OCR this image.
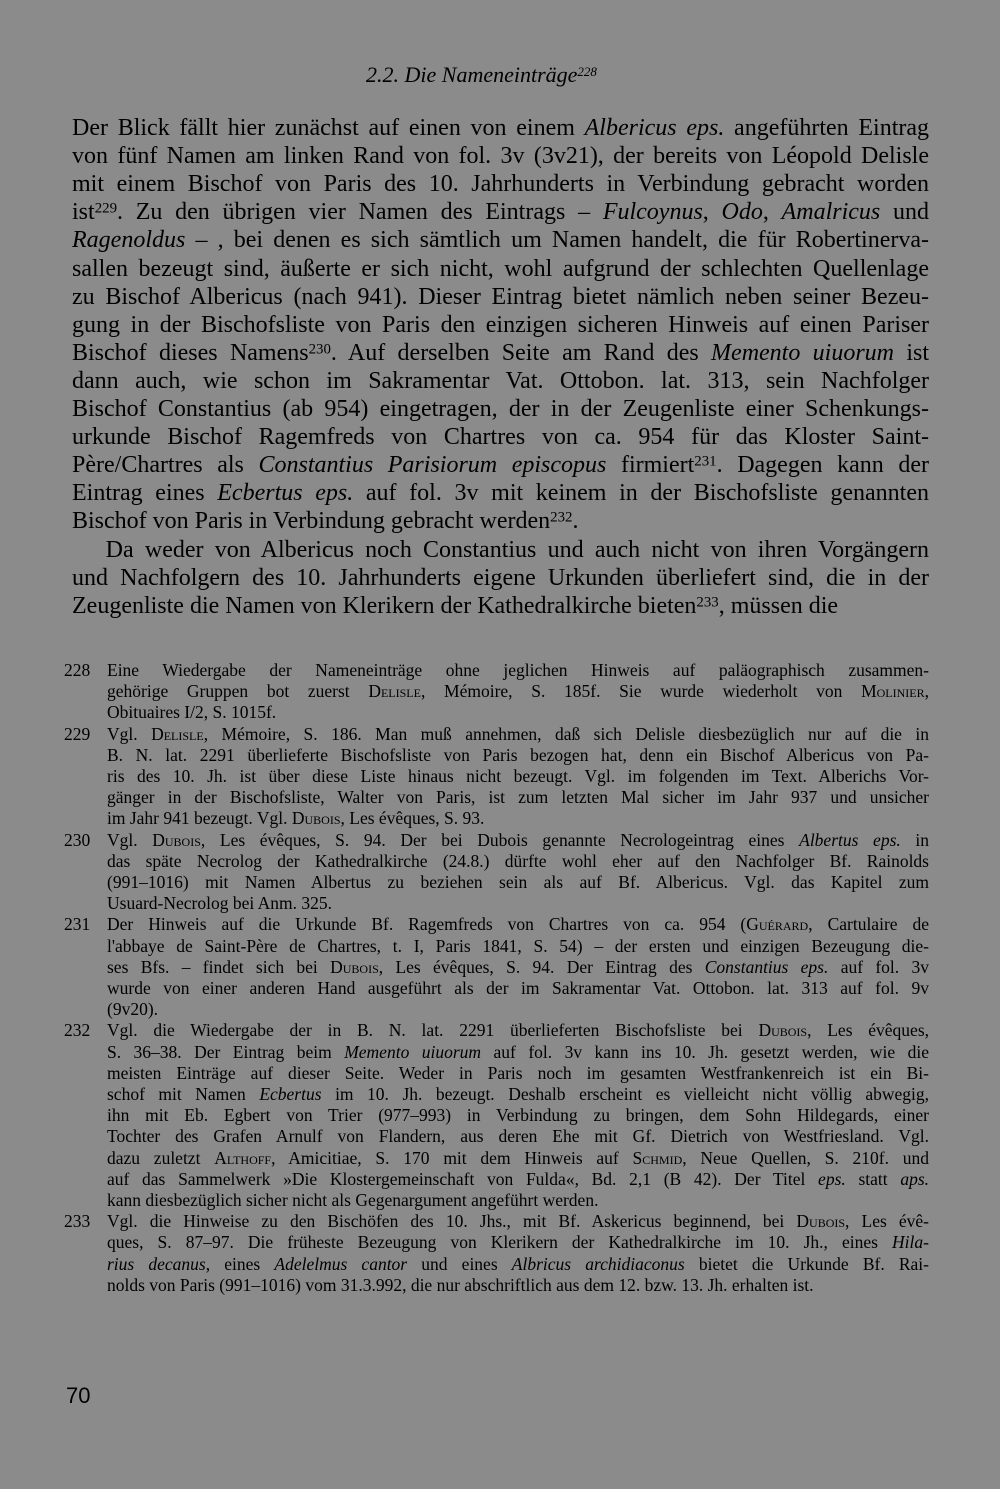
2.2. Die Nameneinträge$^{228}$
Der Blick fällt hier zunächst auf einen von einem Albericus eps. angeführten Eintrag
von fünf Namen am linken Rand von fol. 3v (3v21), der bereits von Léopold Delisle
mit einem Bischof von Paris des 10. Jahrhunderts in Verbindung gebracht worden
ist$^{229}$. Zu den übrigen vier Namen des Eintrags – Fulcoynus, Odo, Amalricus und
Ragenoldus – , bei denen es sich sämtlich um Namen handelt, die für Robertinerva-
sallen bezeugt sind, äußerte er sich nicht, wohl aufgrund der schlechten Quellenlage
zu Bischof Albericus (nach 941). Dieser Eintrag bietet nämlich neben seiner Bezeu-
gung in der Bischofsliste von Paris den einzigen sicheren Hinweis auf einen Pariser
Bischof dieses Namens$^{230}$. Auf derselben Seite am Rand des Memento uiuorum ist
dann auch, wie schon im Sakramentar Vat. Ottobon. lat. 313, sein Nachfolger
Bischof Constantius (ab 954) eingetragen, der in der Zeugenliste einer Schenkungs-
urkunde Bischof Ragemfreds von Chartres von ca. 954 für das Kloster Saint-
Père/Chartres als Constantius Parisiorum episcopus firmiert$^{231}$. Dagegen kann der
Eintrag eines Ecbertus eps. auf fol. 3v mit keinem in der Bischofsliste genannten
Bischof von Paris in Verbindung gebracht werden$^{232}$.
Da weder von Albericus noch Constantius und auch nicht von ihren Vorgängern
und Nachfolgern des 10. Jahrhunderts eigene Urkunden überliefert sind, die in der
Zeugenliste die Namen von Klerikern der Kathedralkirche bieten$^{233}$, müssen die
228 Eine Wiedergabe der Nameneinträge ohne jeglichen Hinweis auf paläographisch zusammen-
gehörige Gruppen bot zuerst Delisle, Mémoire, S. 185f. Sie wurde wiederholt von Molinier,
Obituaires I/2, S. 1015f.
229 Vgl. Delisle, Mémoire, S. 186. Man muß annehmen, daß sich Delisle diesbezüglich nur auf die in
B. N. lat. 2291 überlieferte Bischofsliste von Paris bezogen hat, denn ein Bischof Albericus von Pa-
ris des 10. Jh. ist über diese Liste hinaus nicht bezeugt. Vgl. im folgenden im Text. Alberichs Vor-
gänger in der Bischofsliste, Walter von Paris, ist zum letzten Mal sicher im Jahr 937 und unsicher
im Jahr 941 bezeugt. Vgl. Dubois, Les évêques, S. 93.
230 Vgl. Dubois, Les évêques, S. 94. Der bei Dubois genannte Necrologeintrag eines Albertus eps. in
das späte Necrolog der Kathedralkirche (24.8.) dürfte wohl eher auf den Nachfolger Bf. Rainolds
(991–1016) mit Namen Albertus zu beziehen sein als auf Bf. Albericus. Vgl. das Kapitel zum
Usuard-Necrolog bei Anm. 325.
231 Der Hinweis auf die Urkunde Bf. Ragemfreds von Chartres von ca. 954 (Guérard, Cartulaire de
l'abbaye de Saint-Père de Chartres, t. I, Paris 1841, S. 54) – der ersten und einzigen Bezeugung die-
ses Bfs. – findet sich bei Dubois, Les évêques, S. 94. Der Eintrag des Constantius eps. auf fol. 3v
wurde von einer anderen Hand ausgeführt als der im Sakramentar Vat. Ottobon. lat. 313 auf fol. 9v
(9v20).
232 Vgl. die Wiedergabe der in B. N. lat. 2291 überlieferten Bischofsliste bei Dubois, Les évêques,
S. 36–38. Der Eintrag beim Memento uiuorum auf fol. 3v kann ins 10. Jh. gesetzt werden, wie die
meisten Einträge auf dieser Seite. Weder in Paris noch im gesamten Westfrankenreich ist ein Bi-
schof mit Namen Ecbertus im 10. Jh. bezeugt. Deshalb erscheint es vielleicht nicht völlig abwegig,
ihn mit Eb. Egbert von Trier (977–993) in Verbindung zu bringen, dem Sohn Hildegards, einer
Tochter des Grafen Arnulf von Flandern, aus deren Ehe mit Gf. Dietrich von Westfriesland. Vgl.
dazu zuletzt Althoff, Amicitiae, S. 170 mit dem Hinweis auf Schmid, Neue Quellen, S. 210f. und
auf das Sammelwerk »Die Klostergemeinschaft von Fulda«, Bd. 2,1 (B 42). Der Titel eps. statt aps.
kann diesbezüglich sicher nicht als Gegenargument angeführt werden.
233 Vgl. die Hinweise zu den Bischöfen des 10. Jhs., mit Bf. Askericus beginnend, bei Dubois, Les évê-
ques, S. 87–97. Die früheste Bezeugung von Klerikern der Kathedralkirche im 10. Jh., eines Hila-
rius decanus, eines Adelelmus cantor und eines Albricus archidiaconus bietet die Urkunde Bf. Rai-
nolds von Paris (991–1016) vom 31.3.992, die nur abschriftlich aus dem 12. bzw. 13. Jh. erhalten ist.
70
